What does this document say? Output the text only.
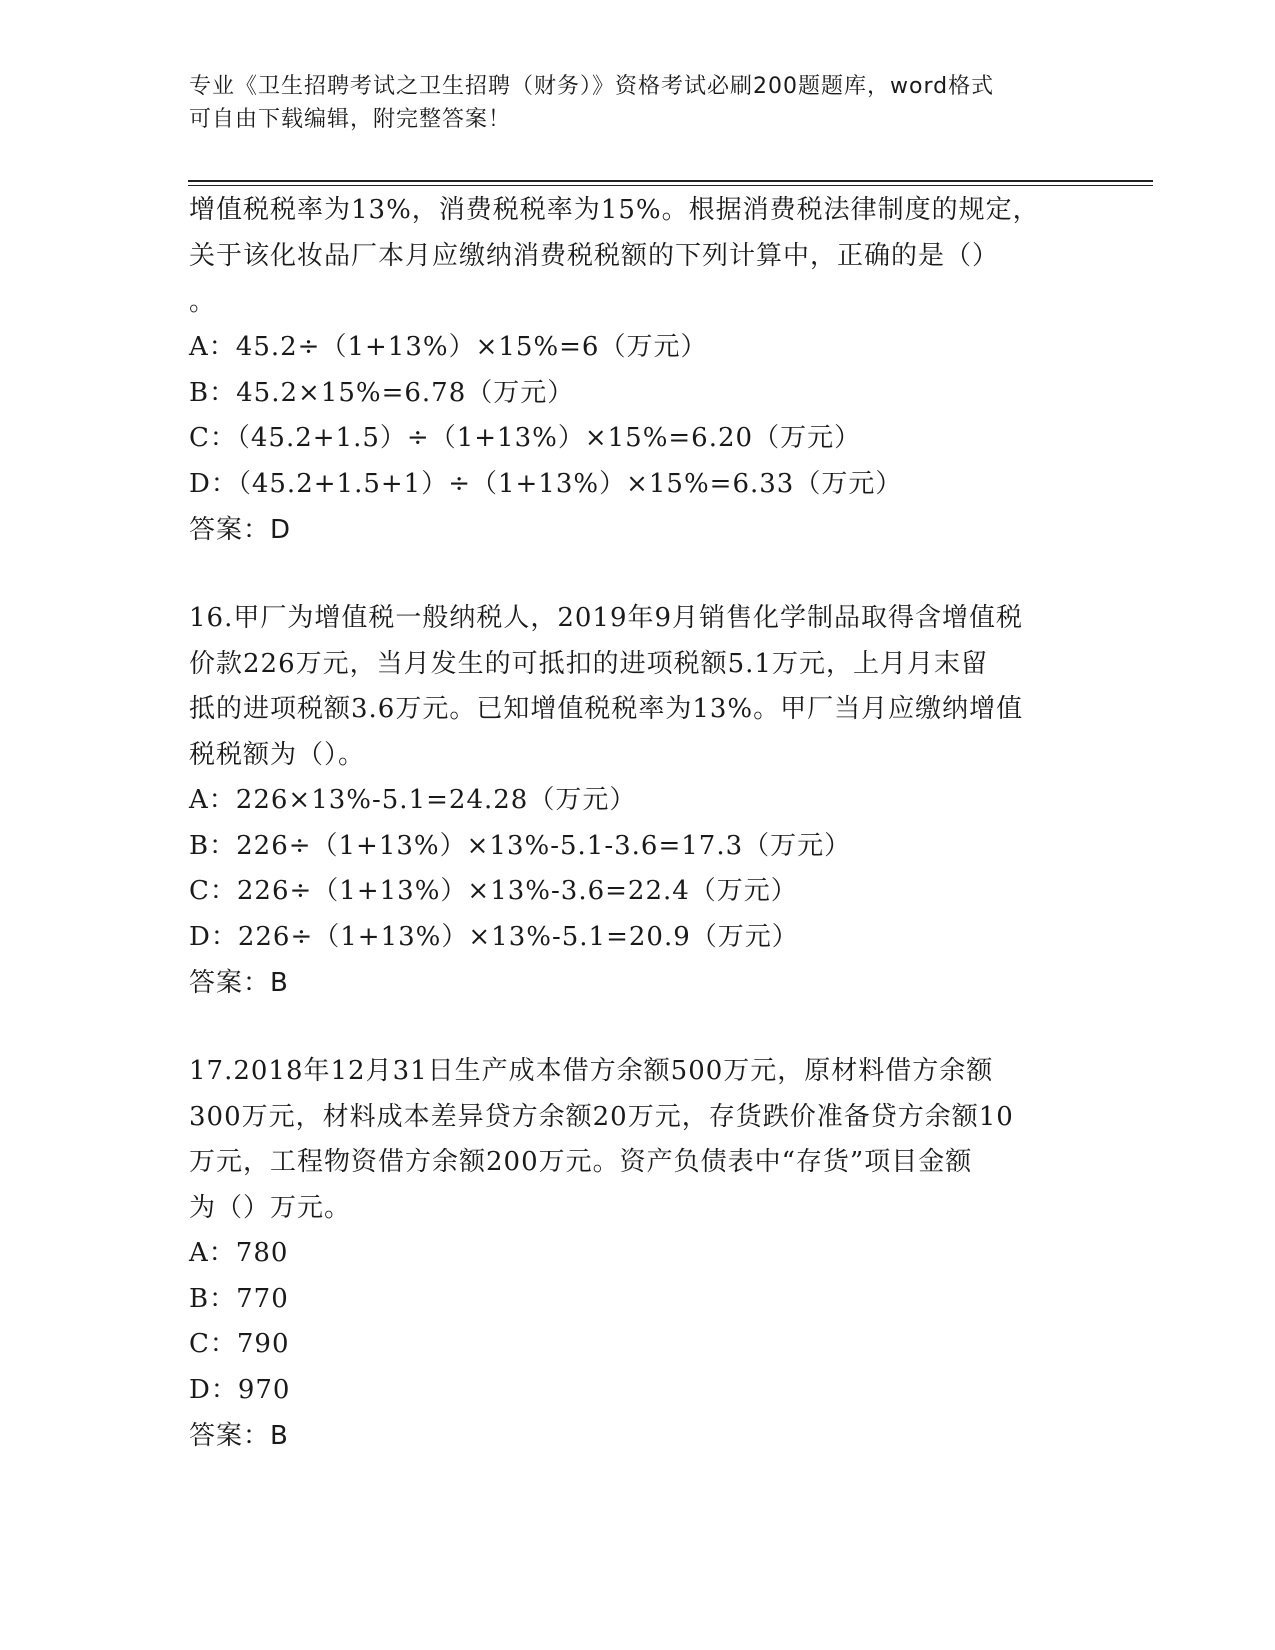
专业《卫生招聘考试之卫生招聘（财务）》资格考试必刷200题题库，word格式
可自由下载编辑，附完整答案！
增值税税率为13%，消费税税率为15%。根据消费税法律制度的规定，
关于该化妆品厂本月应缴纳消费税税额的下列计算中，正确的是（）
。
A：45.2÷（1+13%）×15%=6（万元）
B：45.2×15%=6.78（万元）
C：（45.2+1.5）÷（1+13%）×15%=6.20（万元）
D：（45.2+1.5+1）÷（1+13%）×15%=6.33（万元）
答案：D
16.甲厂为增值税一般纳税人，2019年9月销售化学制品取得含增值税
价款226万元，当月发生的可抵扣的进项税额5.1万元，上月月末留
抵的进项税额3.6万元。已知增值税税率为13%。甲厂当月应缴纳增值
税税额为（）。
A：226×13%-5.1=24.28（万元）
B：226÷（1+13%）×13%-5.1-3.6=17.3（万元）
C：226÷（1+13%）×13%-3.6=22.4（万元）
D：226÷（1+13%）×13%-5.1=20.9（万元）
答案：B
17.2018年12月31日生产成本借方余额500万元，原材料借方余额
300万元，材料成本差异贷方余额20万元，存货跌价准备贷方余额10
万元，工程物资借方余额200万元。资产负债表中“存货”项目金额
为（）万元。
A：780
B：770
C：790
D：970
答案：B
